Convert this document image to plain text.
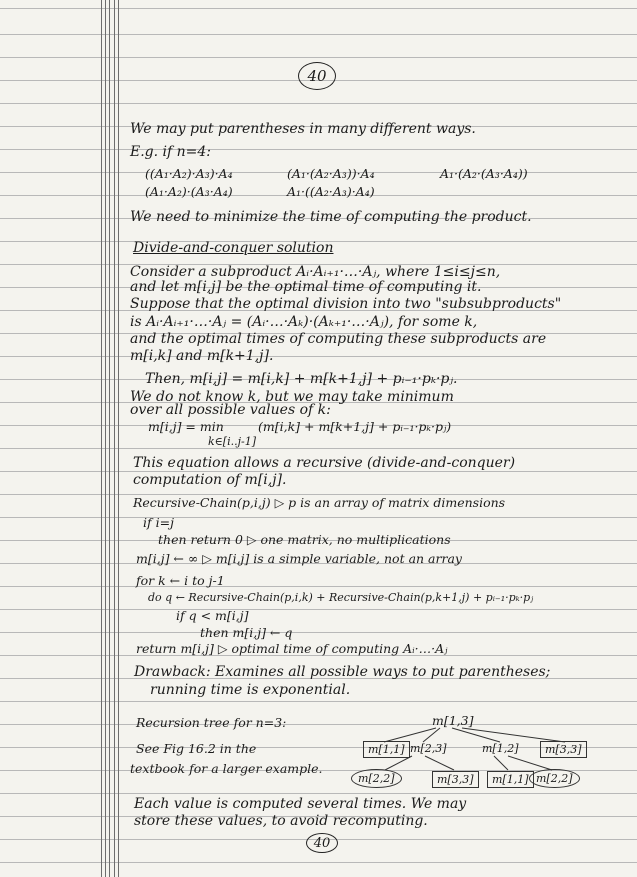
40
We may put parentheses in many different ways.
E.g. if n=4:
((A₁·A₂)·A₃)·A₄	(A₁·(A₂·A₃))·A₄	A₁·(A₂·(A₃·A₄))
(A₁·A₂)·(A₃·A₄)	A₁·((A₂·A₃)·A₄)
We need to minimize the time of computing the product.
Divide-and-conquer solution
Consider a subproduct Aᵢ·Aᵢ₊₁·…·Aⱼ, where 1≤i≤j≤n,
and let m[i,j] be the optimal time of computing it.
Suppose that the optimal division into two "subsubproducts"
is Aᵢ·Aᵢ₊₁·…·Aⱼ = (Aᵢ·…·Aₖ)·(Aₖ₊₁·…·Aⱼ), for some k,
and the optimal times of computing these subproducts are
m[i,k] and m[k+1,j].
Then, m[i,j] = m[i,k] + m[k+1,j] + pᵢ₋₁·pₖ·pⱼ.
We do not know k, but we may take minimum
over all possible values of k:
m[i,j] = min	(m[i,k] + m[k+1,j] + pᵢ₋₁·pₖ·pⱼ)
k∈[i..j-1]
This equation allows a recursive (divide-and-conquer)
computation of m[i,j].
Recursive-Chain(p,i,j) ▷ p is an array of matrix dimensions
if i=j
then return 0 ▷ one matrix, no multiplications
m[i,j] ← ∞ ▷ m[i,j] is a simple variable, not an array
for k ← i to j-1
do q ← Recursive-Chain(p,i,k) + Recursive-Chain(p,k+1,j) + pᵢ₋₁·pₖ·pⱼ
if q < m[i,j]
then m[i,j] ← q
return m[i,j] ▷ optimal time of computing Aᵢ·…·Aⱼ
Drawback: Examines all possible ways to put parentheses;
running time is exponential.
Recursion tree for n=3:
See Fig 16.2 in the
textbook for a larger example.
m[1,3]
m[1,1] m[2,3]	m[1,2]	m[3,3]
m[2,2]	m[3,3]	m[1,1] m[2,2]
Each value is computed several times. We may
store these values, to avoid recomputing.
40
